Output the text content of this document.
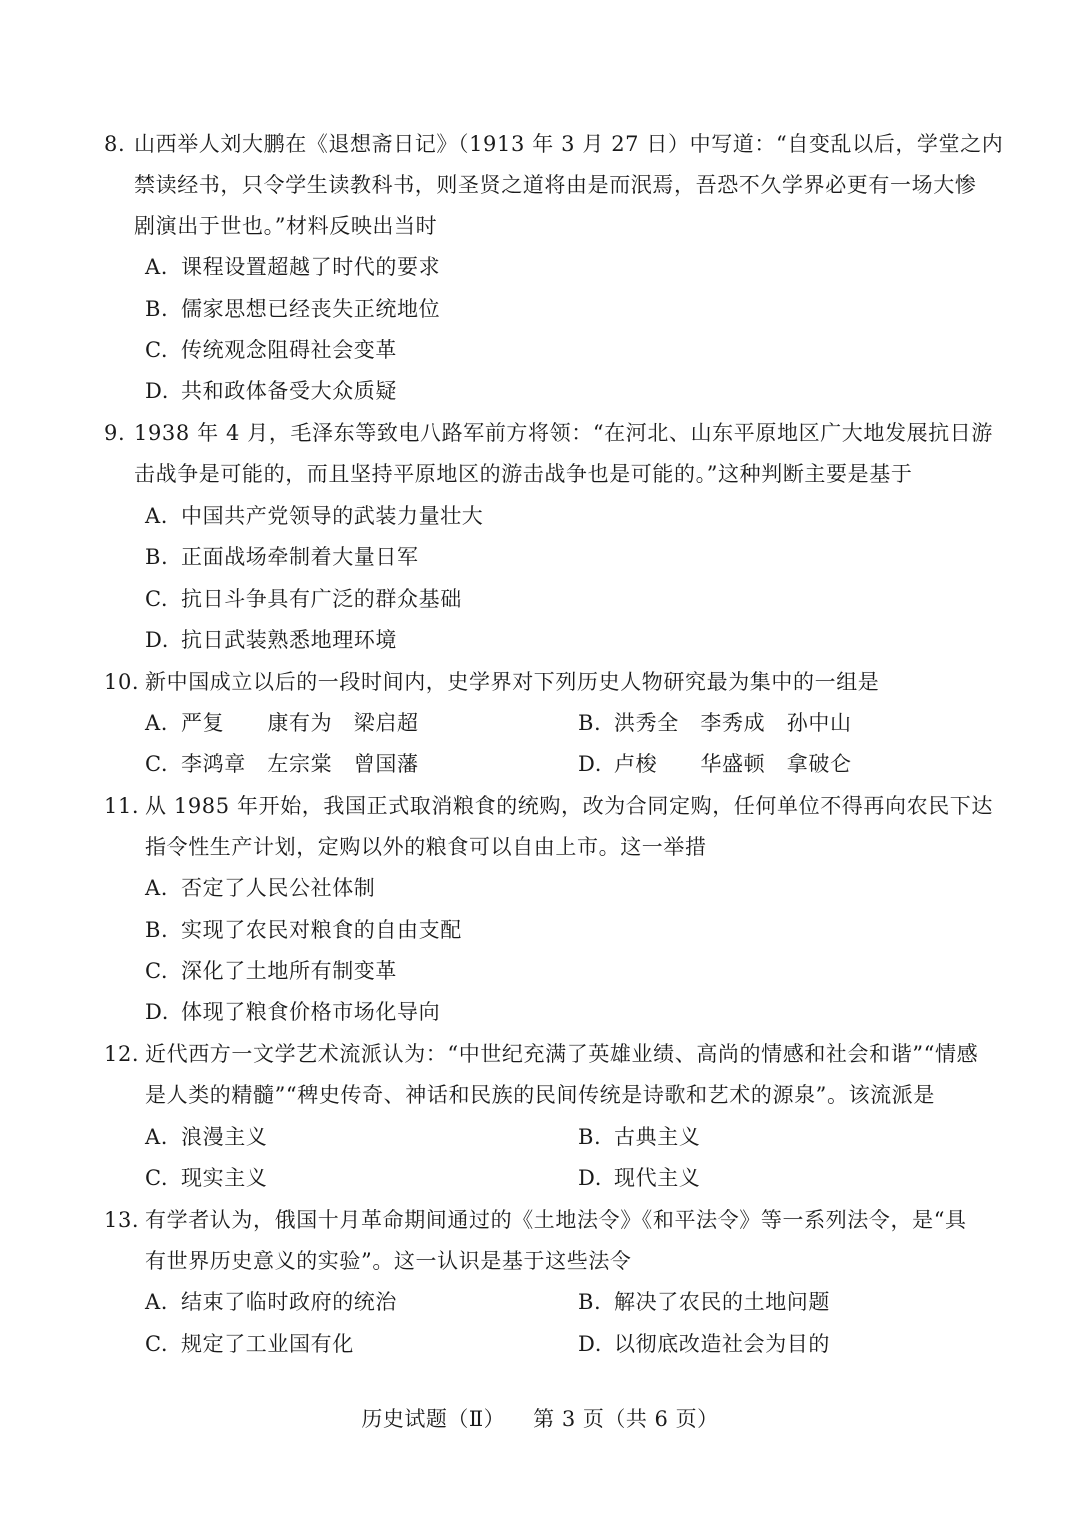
8. 山西举人刘大鹏在《退想斋日记》（1913 年 3 月 27 日）中写道：“自变乱以后，学堂之内
禁读经书，只令学生读教科书，则圣贤之道将由是而泯焉，吾恐不久学界必更有一场大惨
剧演出于世也。”材料反映出当时
A. 课程设置超越了时代的要求
B. 儒家思想已经丧失正统地位
C. 传统观念阻碍社会变革
D. 共和政体备受大众质疑
9. 1938 年 4 月，毛泽东等致电八路军前方将领：“在河北、山东平原地区广大地发展抗日游
击战争是可能的，而且坚持平原地区的游击战争也是可能的。”这种判断主要是基于
A. 中国共产党领导的武装力量壮大
B. 正面战场牵制着大量日军
C. 抗日斗争具有广泛的群众基础
D. 抗日武装熟悉地理环境
10. 新中国成立以后的一段时间内，史学界对下列历史人物研究最为集中的一组是
A. 严复　　康有为　梁启超	B. 洪秀全　李秀成　孙中山
C. 李鸿章　左宗棠　曾国藩	D. 卢梭　　华盛顿　拿破仑
11. 从 1985 年开始，我国正式取消粮食的统购，改为合同定购，任何单位不得再向农民下达
指令性生产计划，定购以外的粮食可以自由上市。这一举措
A. 否定了人民公社体制
B. 实现了农民对粮食的自由支配
C. 深化了土地所有制变革
D. 体现了粮食价格市场化导向
12. 近代西方一文学艺术流派认为：“中世纪充满了英雄业绩、高尚的情感和社会和谐”“情感
是人类的精髓”“稗史传奇、神话和民族的民间传统是诗歌和艺术的源泉”。该流派是
A. 浪漫主义	B. 古典主义
C. 现实主义	D. 现代主义
13. 有学者认为，俄国十月革命期间通过的《土地法令》《和平法令》等一系列法令，是“具
有世界历史意义的实验”。这一认识是基于这些法令
A. 结束了临时政府的统治	B. 解决了农民的土地问题
C. 规定了工业国有化	D. 以彻底改造社会为目的
历史试题（Ⅱ） 第 3 页（共 6 页）
